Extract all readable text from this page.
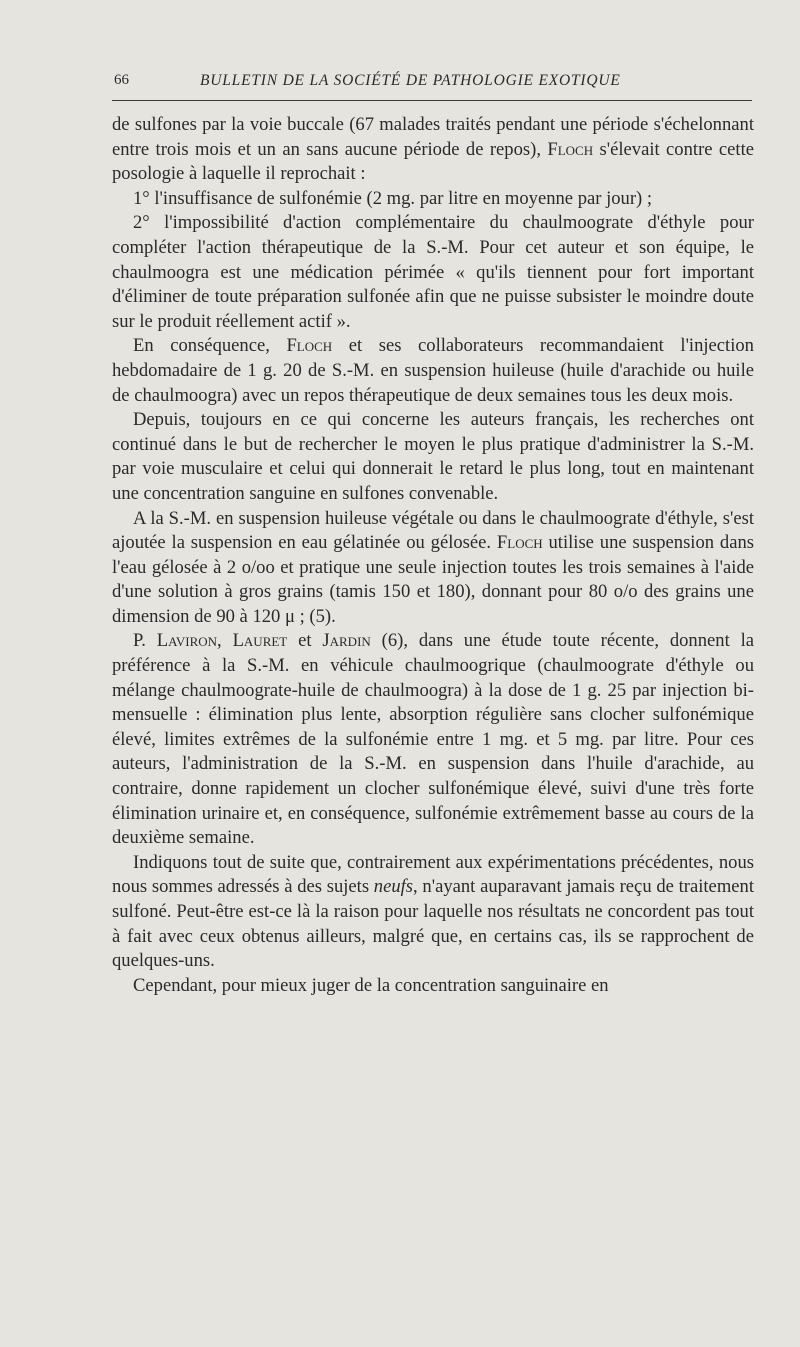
66	BULLETIN DE LA SOCIÉTÉ DE PATHOLOGIE EXOTIQUE

de sulfones par la voie buccale (67 malades traités pendant une période s'échelonnant entre trois mois et un an sans aucune période de repos), Floch s'élevait contre cette posologie à laquelle il reprochait :

1° l'insuffisance de sulfonémie (2 mg. par litre en moyenne par jour) ;

2° l'impossibilité d'action complémentaire du chaulmoograte d'éthyle pour compléter l'action thérapeutique de la S.-M. Pour cet auteur et son équipe, le chaulmoogra est une médication périmée « qu'ils tiennent pour fort important d'éliminer de toute préparation sulfonée afin que ne puisse subsister le moindre doute sur le produit réellement actif ».

En conséquence, Floch et ses collaborateurs recommandaient l'injection hebdomadaire de 1 g. 20 de S.-M. en suspension huileuse (huile d'arachide ou huile de chaulmoogra) avec un repos thérapeutique de deux semaines tous les deux mois.

Depuis, toujours en ce qui concerne les auteurs français, les recherches ont continué dans le but de rechercher le moyen le plus pratique d'administrer la S.-M. par voie musculaire et celui qui donnerait le retard le plus long, tout en maintenant une concentration sanguine en sulfones convenable.

A la S.-M. en suspension huileuse végétale ou dans le chaulmoograte d'éthyle, s'est ajoutée la suspension en eau gélatinée ou gélosée. Floch utilise une suspension dans l'eau gélosée à 2 o/oo et pratique une seule injection toutes les trois semaines à l'aide d'une solution à gros grains (tamis 150 et 180), donnant pour 80 o/o des grains une dimension de 90 à 120 μ ; (5).

P. Laviron, Lauret et Jardin (6), dans une étude toute récente, donnent la préférence à la S.-M. en véhicule chaulmoogrique (chaulmoograte d'éthyle ou mélange chaulmoograte-huile de chaulmoogra) à la dose de 1 g. 25 par injection bi-mensuelle : élimination plus lente, absorption régulière sans clocher sulfonémique élevé, limites extrêmes de la sulfonémie entre 1 mg. et 5 mg. par litre. Pour ces auteurs, l'administration de la S.-M. en suspension dans l'huile d'arachide, au contraire, donne rapidement un clocher sulfonémique élevé, suivi d'une très forte élimination urinaire et, en conséquence, sulfonémie extrêmement basse au cours de la deuxième semaine.

Indiquons tout de suite que, contrairement aux expérimentations précédentes, nous nous sommes adressés à des sujets neufs, n'ayant auparavant jamais reçu de traitement sulfoné. Peut-être est-ce là la raison pour laquelle nos résultats ne concordent pas tout à fait avec ceux obtenus ailleurs, malgré que, en certains cas, ils se rapprochent de quelques-uns.

Cependant, pour mieux juger de la concentration sanguinaire en
